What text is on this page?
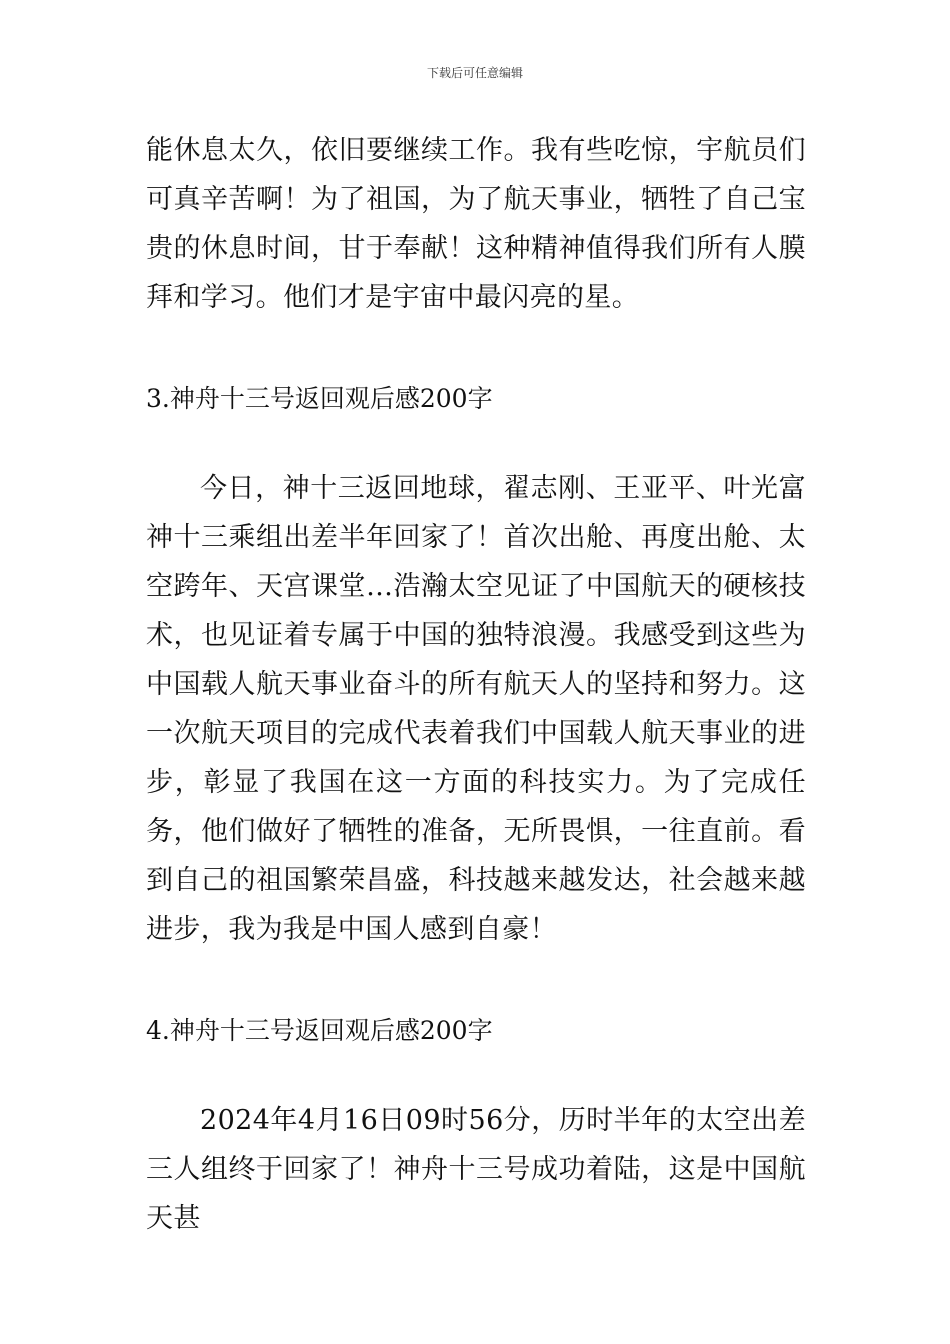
下载后可任意编辑

能休息太久，依旧要继续工作。我有些吃惊，宇航员们可真辛苦啊！为了祖国，为了航天事业，牺牲了自己宝贵的休息时间，甘于奉献！这种精神值得我们所有人膜拜和学习。他们才是宇宙中最闪亮的星。

3.神舟十三号返回观后感200字

今日，神十三返回地球，翟志刚、王亚平、叶光富神十三乘组出差半年回家了！首次出舱、再度出舱、太空跨年、天宫课堂…浩瀚太空见证了中国航天的硬核技术，也见证着专属于中国的独特浪漫。我感受到这些为中国载人航天事业奋斗的所有航天人的坚持和努力。这一次航天项目的完成代表着我们中国载人航天事业的进步，彰显了我国在这一方面的科技实力。为了完成任务，他们做好了牺牲的准备，无所畏惧，一往直前。看到自己的祖国繁荣昌盛，科技越来越发达，社会越来越进步，我为我是中国人感到自豪！

4.神舟十三号返回观后感200字

2024年4月16日09时56分，历时半年的太空出差三人组终于回家了！神舟十三号成功着陆，这是中国航天甚
